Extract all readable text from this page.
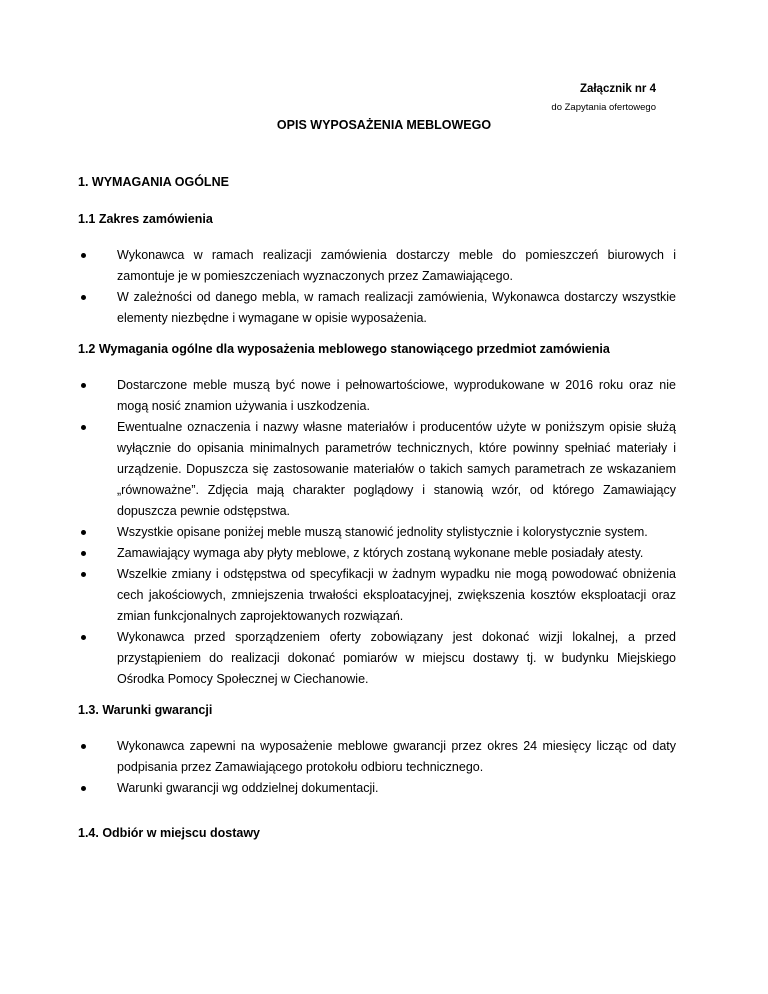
Załącznik nr 4
do Zapytania ofertowego
OPIS WYPOSAŻENIA MEBLOWEGO

1. WYMAGANIA OGÓLNE

1.1 Zakres zamówienia

Wykonawca w ramach realizacji zamówienia dostarczy meble do pomieszczeń biurowych i zamontuje je w pomieszczeniach wyznaczonych przez Zamawiającego.
W zależności od danego mebla, w ramach realizacji zamówienia, Wykonawca dostarczy wszystkie elementy niezbędne i wymagane w opisie wyposażenia.

1.2 Wymagania ogólne dla wyposażenia meblowego stanowiącego przedmiot zamówienia

Dostarczone meble muszą być nowe i pełnowartościowe, wyprodukowane w 2016 roku oraz nie mogą nosić znamion używania i uszkodzenia.
Ewentualne oznaczenia i nazwy własne materiałów i producentów użyte w poniższym opisie służą wyłącznie do opisania minimalnych parametrów technicznych, które powinny spełniać materiały i urządzenie. Dopuszcza się zastosowanie materiałów o takich samych parametrach ze wskazaniem „równoważne”. Zdjęcia mają charakter poglądowy i stanowią wzór, od którego Zamawiający dopuszcza pewnie odstępstwa.
Wszystkie opisane poniżej meble muszą stanowić jednolity stylistycznie i kolorystycznie system.
Zamawiający wymaga aby płyty meblowe, z których zostaną wykonane meble posiadały atesty.
Wszelkie zmiany i odstępstwa od specyfikacji w żadnym wypadku nie mogą powodować obniżenia cech jakościowych, zmniejszenia trwałości eksploatacyjnej, zwiększenia kosztów eksploatacji oraz zmian funkcjonalnych zaprojektowanych rozwiązań.
Wykonawca przed sporządzeniem oferty zobowiązany jest dokonać wizji lokalnej, a przed przystąpieniem do realizacji dokonać pomiarów w miejscu dostawy tj. w budynku Miejskiego Ośrodka Pomocy Społecznej w Ciechanowie.

1.3. Warunki gwarancji

Wykonawca zapewni na wyposażenie meblowe gwarancji przez okres 24 miesięcy licząc od daty podpisania przez Zamawiającego protokołu odbioru technicznego.
Warunki gwarancji wg oddzielnej dokumentacji.

1.4. Odbiór w miejscu dostawy
